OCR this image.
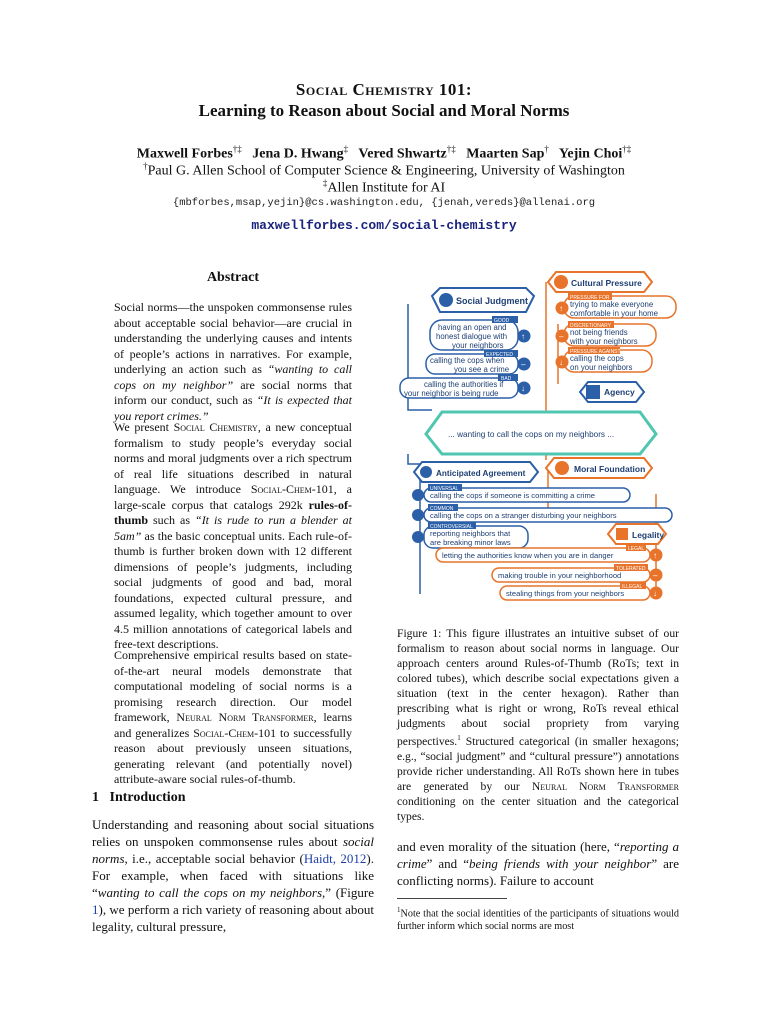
Social Chemistry 101:
Learning to Reason about Social and Moral Norms
Maxwell Forbes†‡ Jena D. Hwang‡ Vered Shwartz†‡ Maarten Sap† Yejin Choi†‡
†Paul G. Allen School of Computer Science & Engineering, University of Washington
‡Allen Institute for AI
{mbforbes,msap,yejin}@cs.washington.edu, {jenah,vereds}@allenai.org
maxwellforbes.com/social-chemistry
Abstract

Social norms—the unspoken commonsense rules about acceptable social behavior—are crucial in understanding the underlying causes and intents of people’s actions in narratives. For example, underlying an action such as “wanting to call cops on my neighbor” are social norms that inform our conduct, such as “It is expected that you report crimes.”

We present Social Chemistry, a new conceptual formalism to study people’s everyday social norms and moral judgments over a rich spectrum of real life situations described in natural language. We introduce Social-Chem-101, a large-scale corpus that catalogs 292k rules-of-thumb such as “It is rude to run a blender at 5am” as the basic conceptual units. Each rule-of-thumb is further broken down with 12 different dimensions of people’s judgments, including social judgments of good and bad, moral foundations, expected cultural pressure, and assumed legality, which together amount to over 4.5 million annotations of categorical labels and free-text descriptions.

Comprehensive empirical results based on state-of-the-art neural models demonstrate that computational modeling of social norms is a promising research direction. Our model framework, Neural Norm Transformer, learns and generalizes Social-Chem-101 to successfully reason about previously unseen situations, generating relevant (and potentially novel) attribute-aware social rules-of-thumb.

1 Introduction

Understanding and reasoning about social situations relies on unspoken commonsense rules about social norms, i.e., acceptable social behavior (Haidt, 2012). For example, when faced with situations like “wanting to call the cops on my neighbors,” (Figure 1), we perform a rich variety of reasoning about about legality, cultural pressure,

Social Judgment
Cultural Pressure
GOOD
having an open and
honest dialogue with
your neighbors
↑
EXPECTED
calling the cops when
you see a crime
–
BAD
calling the authorities if
your neighbor is being rude
↓
PRESSURE FOR
trying to make everyone
comfortable in your home
↑
DISCRETIONARY
not being friends
with your neighbors
–
PRESSURE AGAINST
calling the cops
on your neighbors
↓
Agency
... wanting to call the cops on my neighbors ...
Anticipated Agreement	Moral Foundation
UNIVERSAL
calling the cops if someone is committing a crime
COMMON
calling the cops on a stranger disturbing your neighbors
CONTROVERSIAL
reporting neighbors that
are breaking minor laws
Legality
LEGAL
letting the authorities know when you are in danger	↑
TOLERATED
making trouble in your neighborhood	–
ILLEGAL
stealing things from your neighbors	↓
Figure 1: This figure illustrates an intuitive subset of our formalism to reason about social norms in language. Our approach centers around Rules-of-Thumb (RoTs; text in colored tubes), which describe social expectations given a situation (text in the center hexagon). Rather than prescribing what is right or wrong, RoTs reveal ethical judgments about social propriety from varying perspectives.$^1$ Structured categorical (in smaller hexagons; e.g., “social judgment” and “cultural pressure”) annotations provide richer understanding. All RoTs shown here in tubes are generated by our Neural Norm Transformer conditioning on the center situation and the categorical types.
and even morality of the situation (here, “reporting a crime” and “being friends with your neighbor” are conflicting norms). Failure to account
$^1$Note that the social identities of the participants of situations would further inform which social norms are most
